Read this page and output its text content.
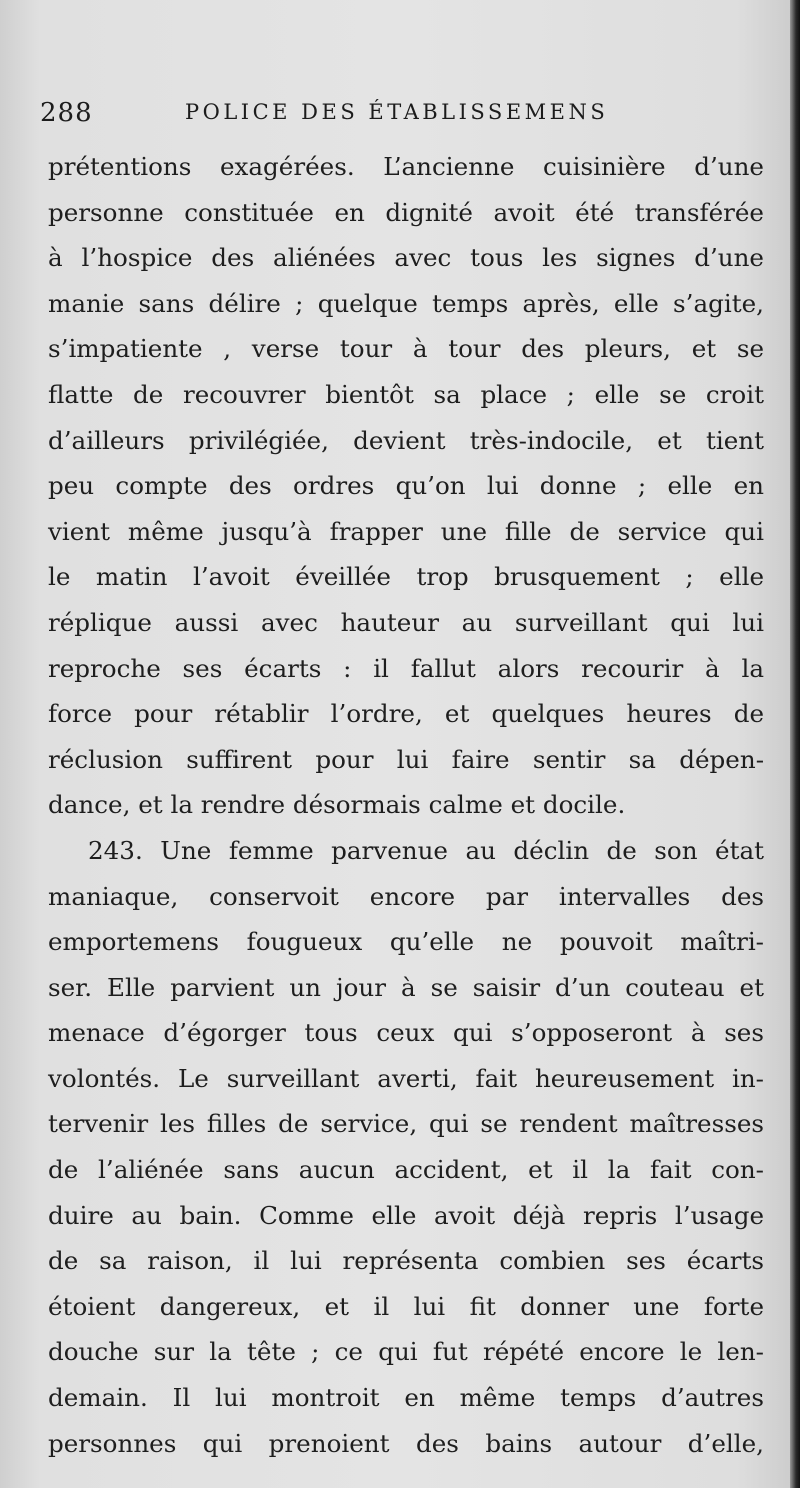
288	POLICE DES ÉTABLISSEMENS
prétentions exagérées. L’ancienne cuisinière d’une
personne constituée en dignité avoit été transférée
à l’hospice des aliénées avec tous les signes d’une
manie sans délire ; quelque temps après, elle s’agite,
s’impatiente , verse tour à tour des pleurs, et se
flatte de recouvrer bientôt sa place ; elle se croit
d’ailleurs privilégiée, devient très-indocile, et tient
peu compte des ordres qu’on lui donne ; elle en
vient même jusqu’à frapper une fille de service qui
le matin l’avoit éveillée trop brusquement ; elle
réplique aussi avec hauteur au surveillant qui lui
reproche ses écarts : il fallut alors recourir à la
force pour rétablir l’ordre, et quelques heures de
réclusion suffirent pour lui faire sentir sa dépen-
dance, et la rendre désormais calme et docile.
243. Une femme parvenue au déclin de son état
maniaque, conservoit encore par intervalles des
emportemens fougueux qu’elle ne pouvoit maîtri-
ser. Elle parvient un jour à se saisir d’un couteau et
menace d’égorger tous ceux qui s’opposeront à ses
volontés. Le surveillant averti, fait heureusement in-
tervenir les filles de service, qui se rendent maîtresses
de l’aliénée sans aucun accident, et il la fait con-
duire au bain. Comme elle avoit déjà repris l’usage
de sa raison, il lui représenta combien ses écarts
étoient dangereux, et il lui fit donner une forte
douche sur la tête ; ce qui fut répété encore le len-
demain. Il lui montroit en même temps d’autres
personnes qui prenoient des bains autour d’elle,
